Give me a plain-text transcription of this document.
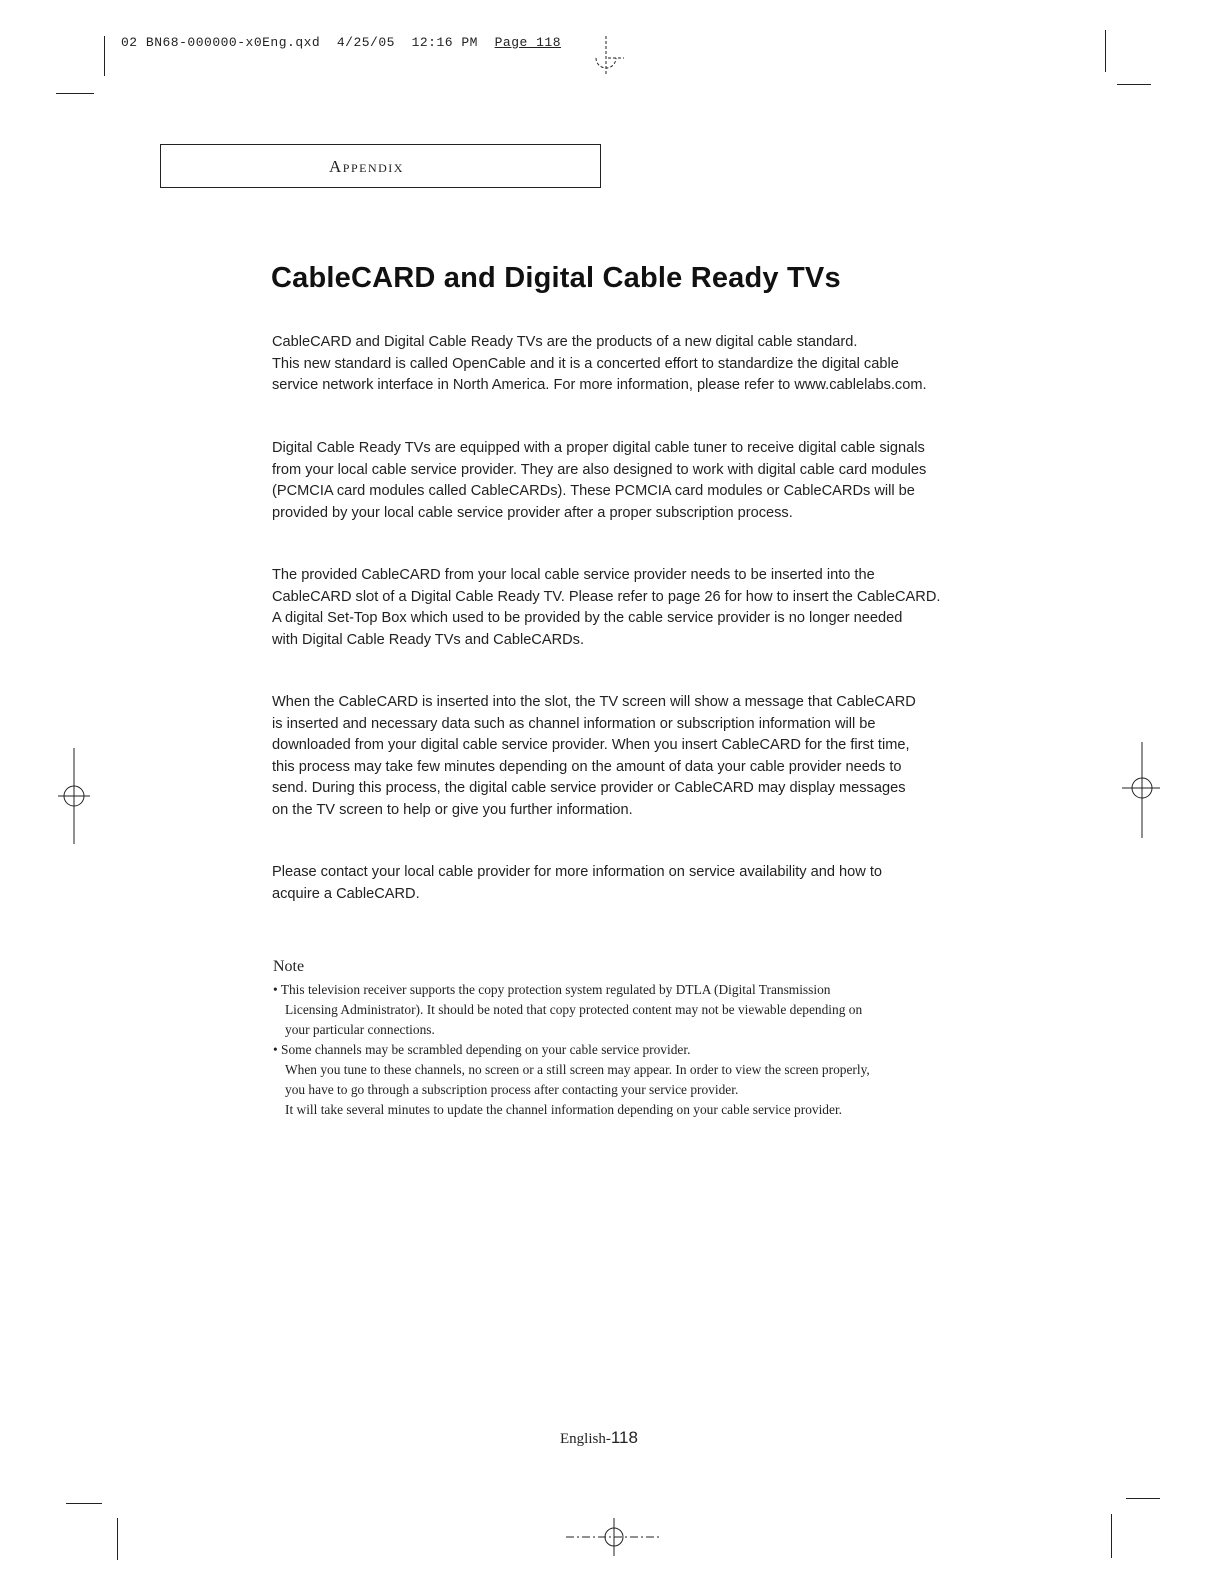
02 BN68-000000-x0Eng.qxd 4/25/05 12:16 PM Page 118
Appendix
CableCARD and Digital Cable Ready TVs
CableCARD and Digital Cable Ready TVs are the products of a new digital cable standard.
This new standard is called OpenCable and it is a concerted effort to standardize the digital cable
service network interface in North America. For more information, please refer to www.cablelabs.com.
Digital Cable Ready TVs are equipped with a proper digital cable tuner to receive digital cable signals
from your local cable service provider. They are also designed to work with digital cable card modules
(PCMCIA card modules called CableCARDs). These PCMCIA card modules or CableCARDs will be
provided by your local cable service provider after a proper subscription process.
The provided CableCARD from your local cable service provider needs to be inserted into the
CableCARD slot of a Digital Cable Ready TV. Please refer to page 26 for how to insert the CableCARD.
A digital Set-Top Box which used to be provided by the cable service provider is no longer needed
with Digital Cable Ready TVs and CableCARDs.
When the CableCARD is inserted into the slot, the TV screen will show a message that CableCARD
is inserted and necessary data such as channel information or subscription information will be
downloaded from your digital cable service provider. When you insert CableCARD for the first time,
this process may take few minutes depending on the amount of data your cable provider needs to
send. During this process, the digital cable service provider or CableCARD may display messages
on the TV screen to help or give you further information.
Please contact your local cable provider for more information on service availability and how to
acquire a CableCARD.
Note
• This television receiver supports the copy protection system regulated by DTLA (Digital Transmission
Licensing Administrator). It should be noted that copy protected content may not be viewable depending on
your particular connections.
• Some channels may be scrambled depending on your cable service provider.
When you tune to these channels, no screen or a still screen may appear. In order to view the screen properly,
you have to go through a subscription process after contacting your service provider.
It will take several minutes to update the channel information depending on your cable service provider.
English-118
